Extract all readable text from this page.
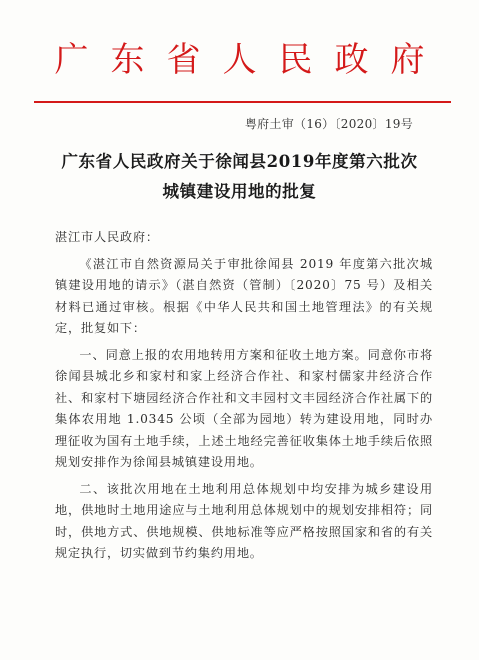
广东省人民政府
粤府土审（16）〔2020〕19号
广东省人民政府关于徐闻县2019年度第六批次
城镇建设用地的批复

湛江市人民政府：

《湛江市自然资源局关于审批徐闻县 2019 年度第六批次城镇建设用地的请示》（湛自然资（管制）〔2020〕75 号）及相关材料已通过审核。根据《中华人民共和国土地管理法》的有关规定，批复如下：

一、同意上报的农用地转用方案和征收土地方案。同意你市将徐闻县城北乡和家村和家上经济合作社、和家村儒家井经济合作社、和家村下塘园经济合作社和文丰园村文丰园经济合作社属下的集体农用地 1.0345 公顷（全部为园地）转为建设用地，同时办理征收为国有土地手续，上述土地经完善征收集体土地手续后依照规划安排作为徐闻县城镇建设用地。

二、该批次用地在土地利用总体规划中均安排为城乡建设用地，供地时土地用途应与土地利用总体规划中的规划安排相符；同时，供地方式、供地规模、供地标准等应严格按照国家和省的有关规定执行，切实做到节约集约用地。
